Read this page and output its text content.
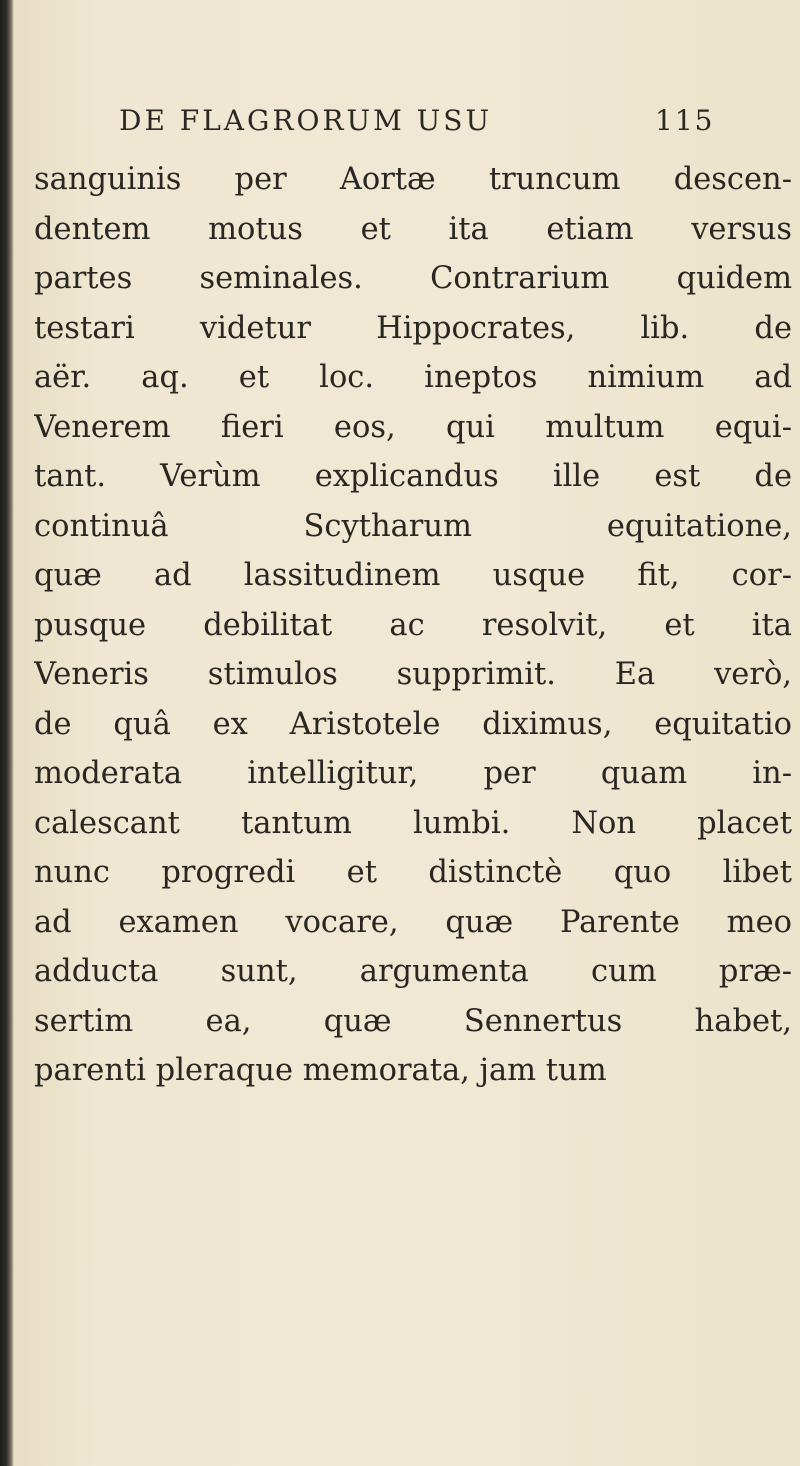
DE FLAGRORUM USU	115
sanguinis per Aortæ truncum descen-
dentem motus et ita etiam versus
partes seminales. Contrarium quidem
testari videtur Hippocrates, lib. de
aër. aq. et loc. ineptos nimium ad
Venerem fieri eos, qui multum equi-
tant. Verùm explicandus ille est de
continuâ Scytharum equitatione,
quæ ad lassitudinem usque fit, cor-
pusque debilitat ac resolvit, et ita
Veneris stimulos supprimit. Ea verò,
de quâ ex Aristotele diximus, equitatio
moderata intelligitur, per quam in-
calescant tantum lumbi. Non placet
nunc progredi et distinctè quo libet
ad examen vocare, quæ Parente meo
adducta sunt, argumenta cum præ-
sertim ea, quæ Sennertus habet,
parenti pleraque memorata, jam tum
